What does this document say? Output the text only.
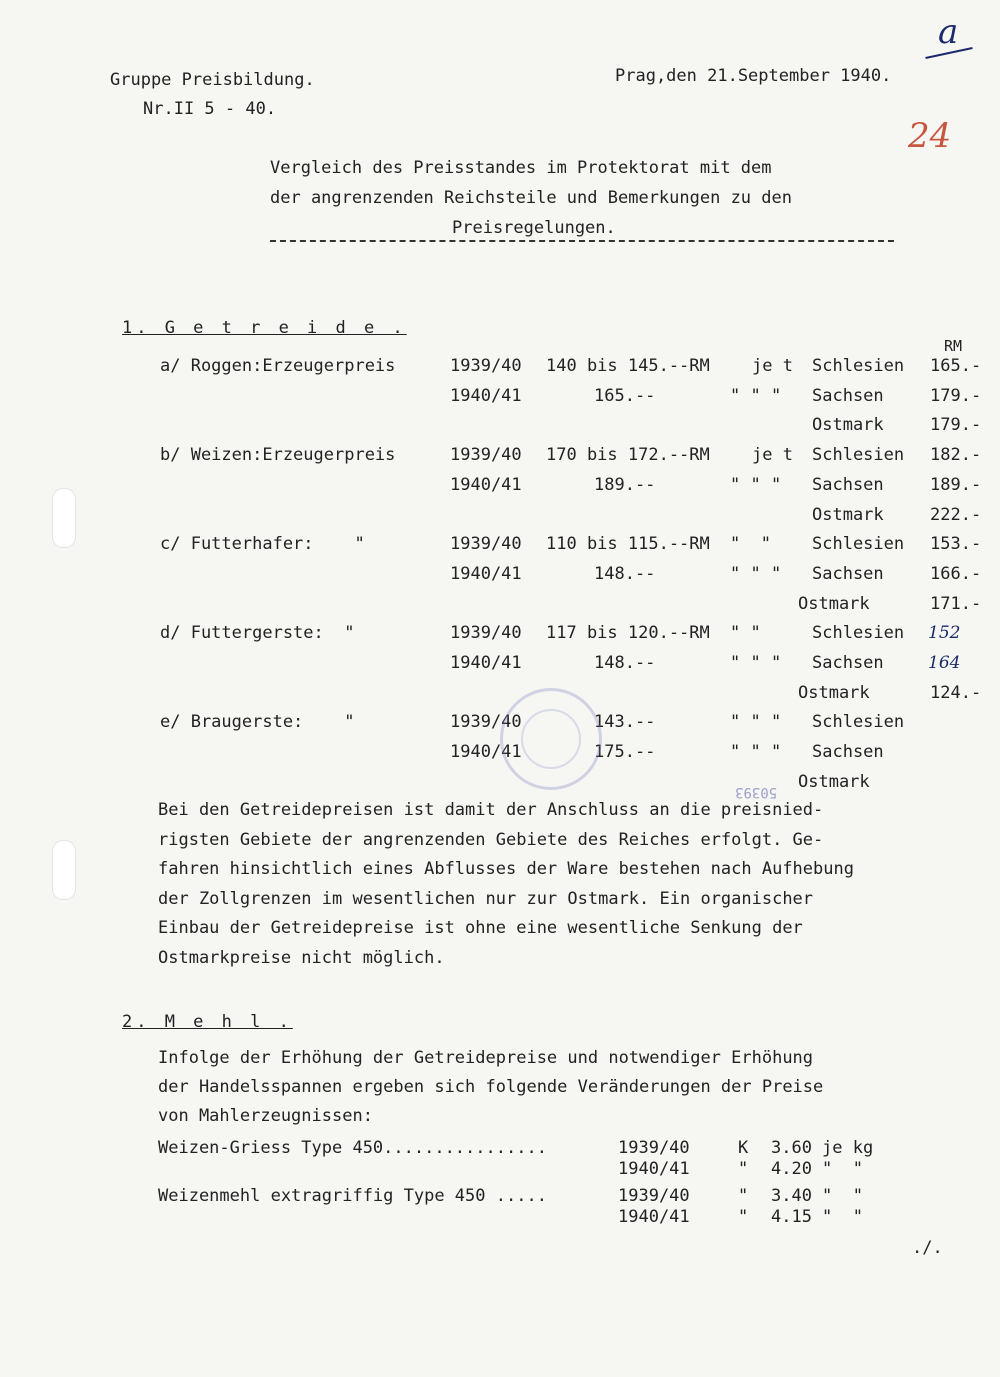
a
24
Gruppe Preisbildung.
Nr.II 5 - 40.
Prag,den 21.September 1940.
Vergleich des Preisstandes im Protektorat mit dem
der angrenzenden Reichsteile und Bemerkungen zu den
Preisregelungen.
1. G e t r e i d e .
RM
a/ Roggen:Erzeugerpreis	1939/40 140 bis 145.--RM je t Schlesien 165.-
1940/41	165.--	" " " Sachsen	179.-
Ostmark	179.-
b/ Weizen:Erzeugerpreis	1939/40 170 bis 172.--RM je t Schlesien 182.-
1940/41	189.--	" " " Sachsen	189.-
Ostmark	222.-
c/ Futterhafer:    "	1939/40 110 bis 115.--RM "  " Schlesien 153.-
1940/41	148.--	" " " Sachsen	166.-
Ostmark	171.-
d/ Futtergerste:  "	1939/40 117 bis 120.--RM " "	Schlesien 152
1940/41	148.--	" " " Sachsen	164
Ostmark	124.-
e/ Braugerste:    "	1939/40	143.--	" " " Schlesien
1940/41	175.--	" " " Sachsen
Ostmark
50393
Bei den Getreidepreisen ist damit der Anschluss an die preisnied-
rigsten Gebiete der angrenzenden Gebiete des Reiches erfolgt. Ge-
fahren hinsichtlich eines Abflusses der Ware bestehen nach Aufhebung
der Zollgrenzen im wesentlichen nur zur Ostmark. Ein organischer
Einbau der Getreidepreise ist ohne eine wesentliche Senkung der
Ostmarkpreise nicht möglich.
2. M e h l .
Infolge der Erhöhung der Getreidepreise und notwendiger Erhöhung
der Handelsspannen ergeben sich folgende Veränderungen der Preise
von Mahlerzeugnissen:
Weizen-Griess Type 450................	1939/40	K 3.60 je kg
1940/41	" 4.20 "  "
Weizenmehl extragriffig Type 450 .....	1939/40	" 3.40 "  "
1940/41	" 4.15 "  "
./.
